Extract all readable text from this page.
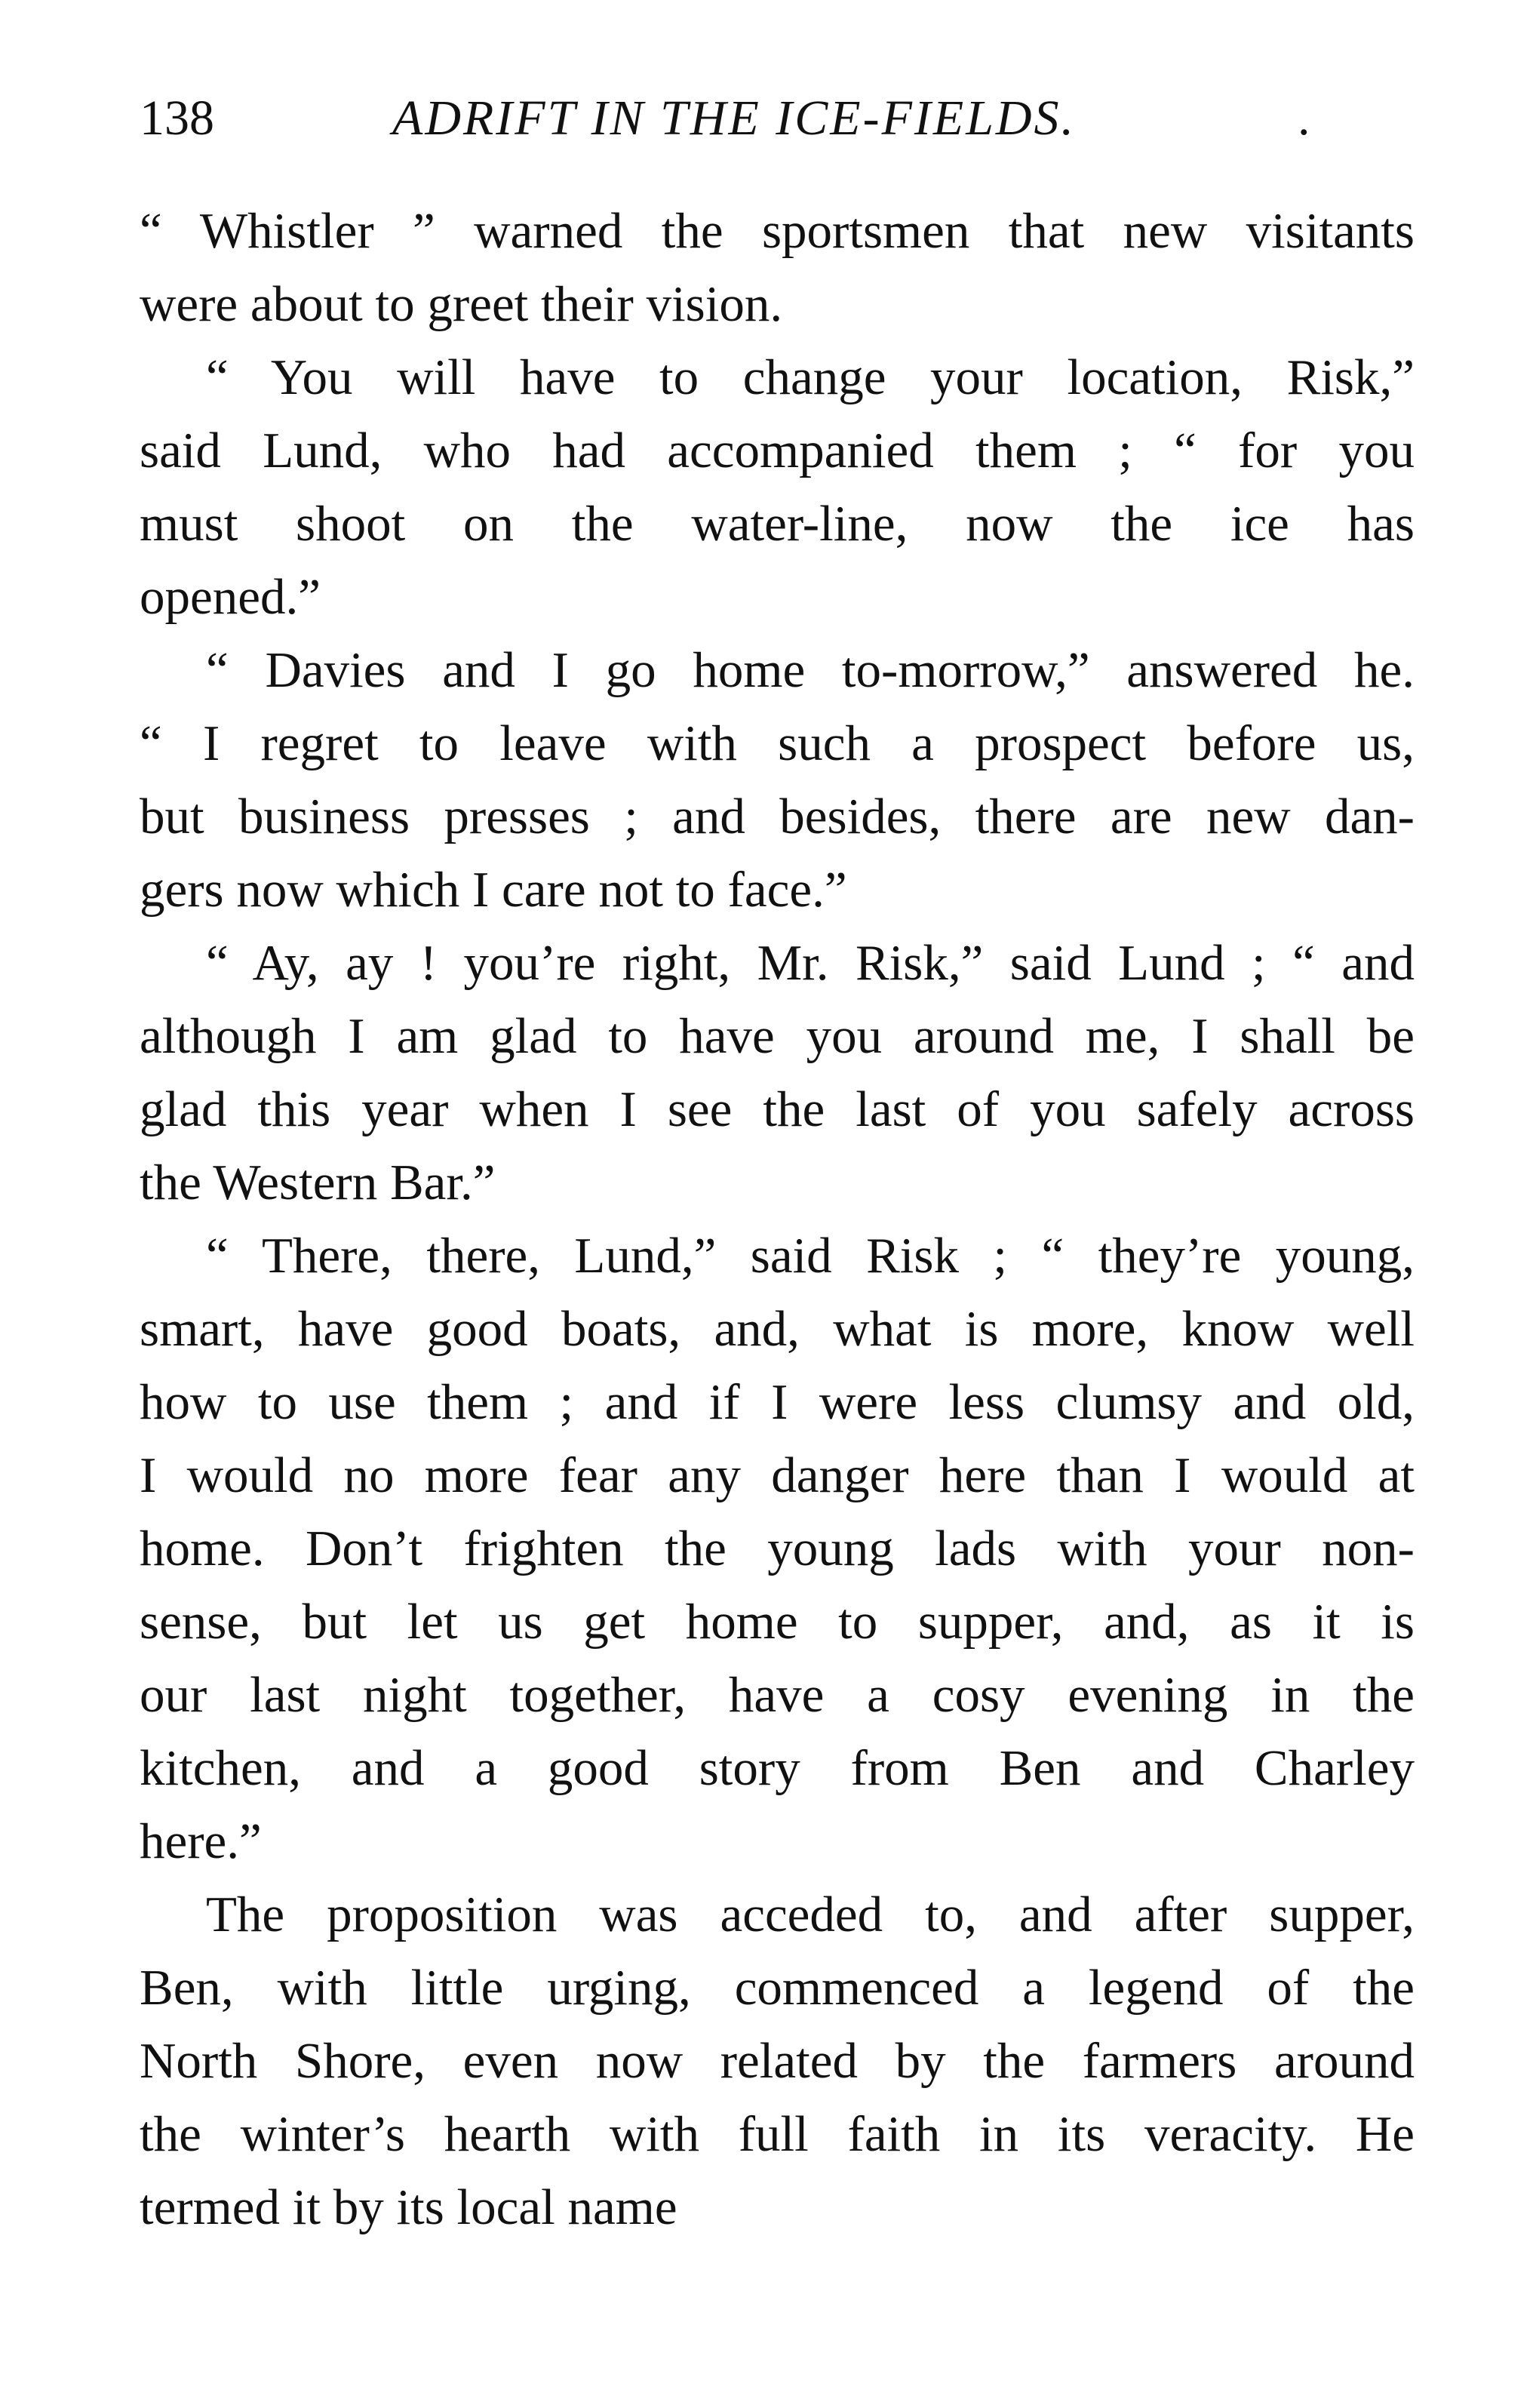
138	ADRIFT IN THE ICE-FIELDS.	.
“ Whistler ” warned the sportsmen that new visitants
were about to greet their vision.
“ You will have to change your location, Risk,”
said Lund, who had accompanied them ; “ for you
must shoot on the water-line, now the ice has
opened.”
“ Davies and I go home to-morrow,” answered he.
“ I regret to leave with such a prospect before us,
but business presses ; and besides, there are new dan-
gers now which I care not to face.”
“ Ay, ay ! you’re right, Mr. Risk,” said Lund ; “ and
although I am glad to have you around me, I shall be
glad this year when I see the last of you safely across
the Western Bar.”
“ There, there, Lund,” said Risk ; “ they’re young,
smart, have good boats, and, what is more, know well
how to use them ; and if I were less clumsy and old,
I would no more fear any danger here than I would at
home. Don’t frighten the young lads with your non-
sense, but let us get home to supper, and, as it is
our last night together, have a cosy evening in the
kitchen, and a good story from Ben and Charley
here.”
The proposition was acceded to, and after supper,
Ben, with little urging, commenced a legend of the
North Shore, even now related by the farmers around
the winter’s hearth with full faith in its veracity. He
termed it by its local name
